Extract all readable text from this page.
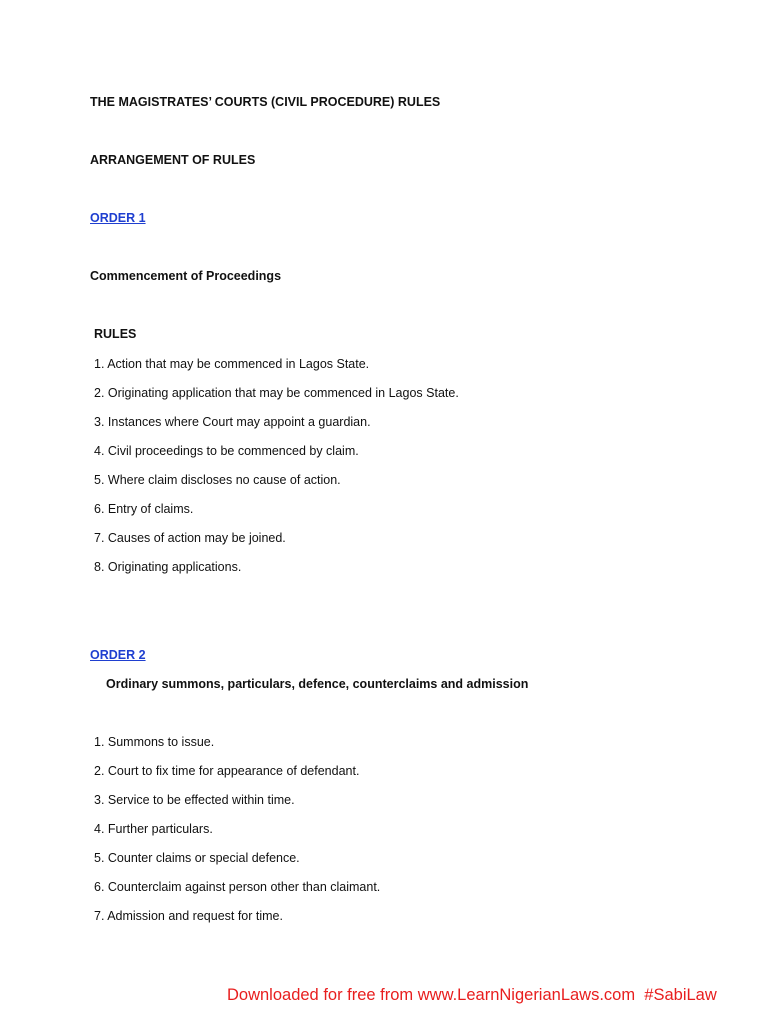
THE MAGISTRATES’ COURTS (CIVIL PROCEDURE) RULES
ARRANGEMENT OF RULES
ORDER 1
Commencement of Proceedings
RULES
1. Action that may be commenced in Lagos State.
2. Originating application that may be commenced in Lagos State.
3. Instances where Court may appoint a guardian.
4. Civil proceedings to be commenced by claim.
5. Where claim discloses no cause of action.
6. Entry of claims.
7. Causes of action may be joined.
8. Originating applications.
ORDER 2
Ordinary summons, particulars, defence, counterclaims and admission
1. Summons to issue.
2. Court to fix time for appearance of defendant.
3. Service to be effected within time.
4. Further particulars.
5. Counter claims or special defence.
6. Counterclaim against person other than claimant.
7. Admission and request for time.
Downloaded for free from www.LearnNigerianLaws.com #SabiLaw
